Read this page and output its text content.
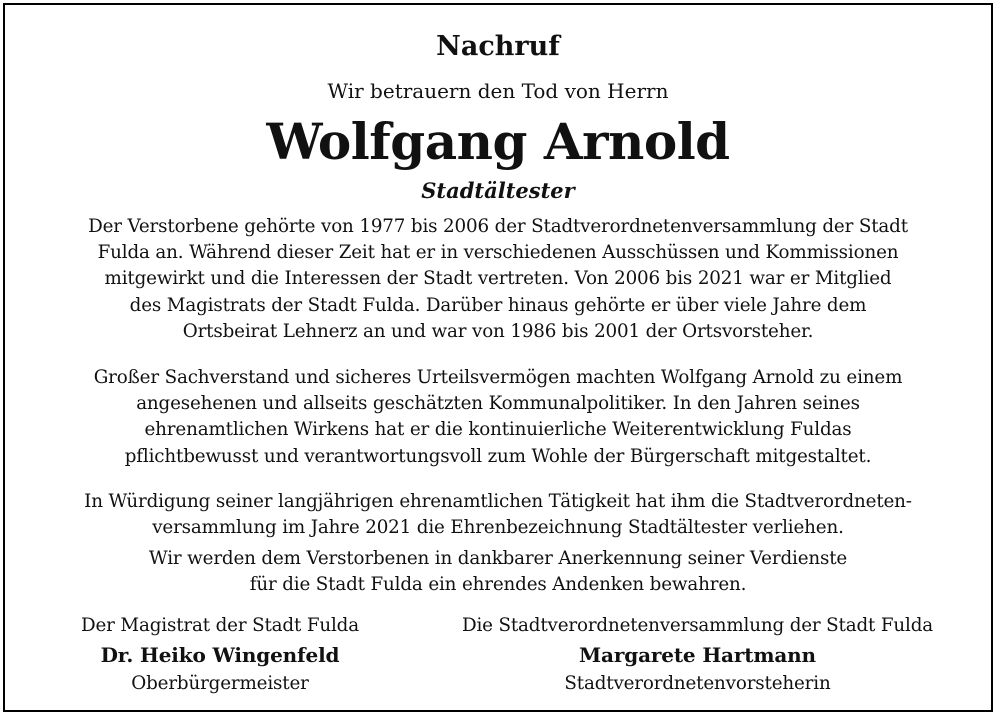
Nachruf
Wir betrauern den Tod von Herrn
Wolfgang Arnold
Stadtältester
Der Verstorbene gehörte von 1977 bis 2006 der Stadtverordnetenversammlung der Stadt
Fulda an. Während dieser Zeit hat er in verschiedenen Ausschüssen und Kommissionen
mitgewirkt und die Interessen der Stadt vertreten. Von 2006 bis 2021 war er Mitglied
des Magistrats der Stadt Fulda. Darüber hinaus gehörte er über viele Jahre dem
Ortsbeirat Lehnerz an und war von 1986 bis 2001 der Ortsvorsteher.
Großer Sachverstand und sicheres Urteilsvermögen machten Wolfgang Arnold zu einem
angesehenen und allseits geschätzten Kommunalpolitiker. In den Jahren seines
ehrenamtlichen Wirkens hat er die kontinuierliche Weiterentwicklung Fuldas
pflichtbewusst und verantwortungsvoll zum Wohle der Bürgerschaft mitgestaltet.
In Würdigung seiner langjährigen ehrenamtlichen Tätigkeit hat ihm die Stadtverordneten-
versammlung im Jahre 2021 die Ehrenbezeichnung Stadtältester verliehen.
Wir werden dem Verstorbenen in dankbarer Anerkennung seiner Verdienste
für die Stadt Fulda ein ehrendes Andenken bewahren.
Der Magistrat der Stadt Fulda
Dr. Heiko Wingenfeld
Oberbürgermeister
Die Stadtverordnetenversammlung der Stadt Fulda
Margarete Hartmann
Stadtverordnetenvorsteherin
